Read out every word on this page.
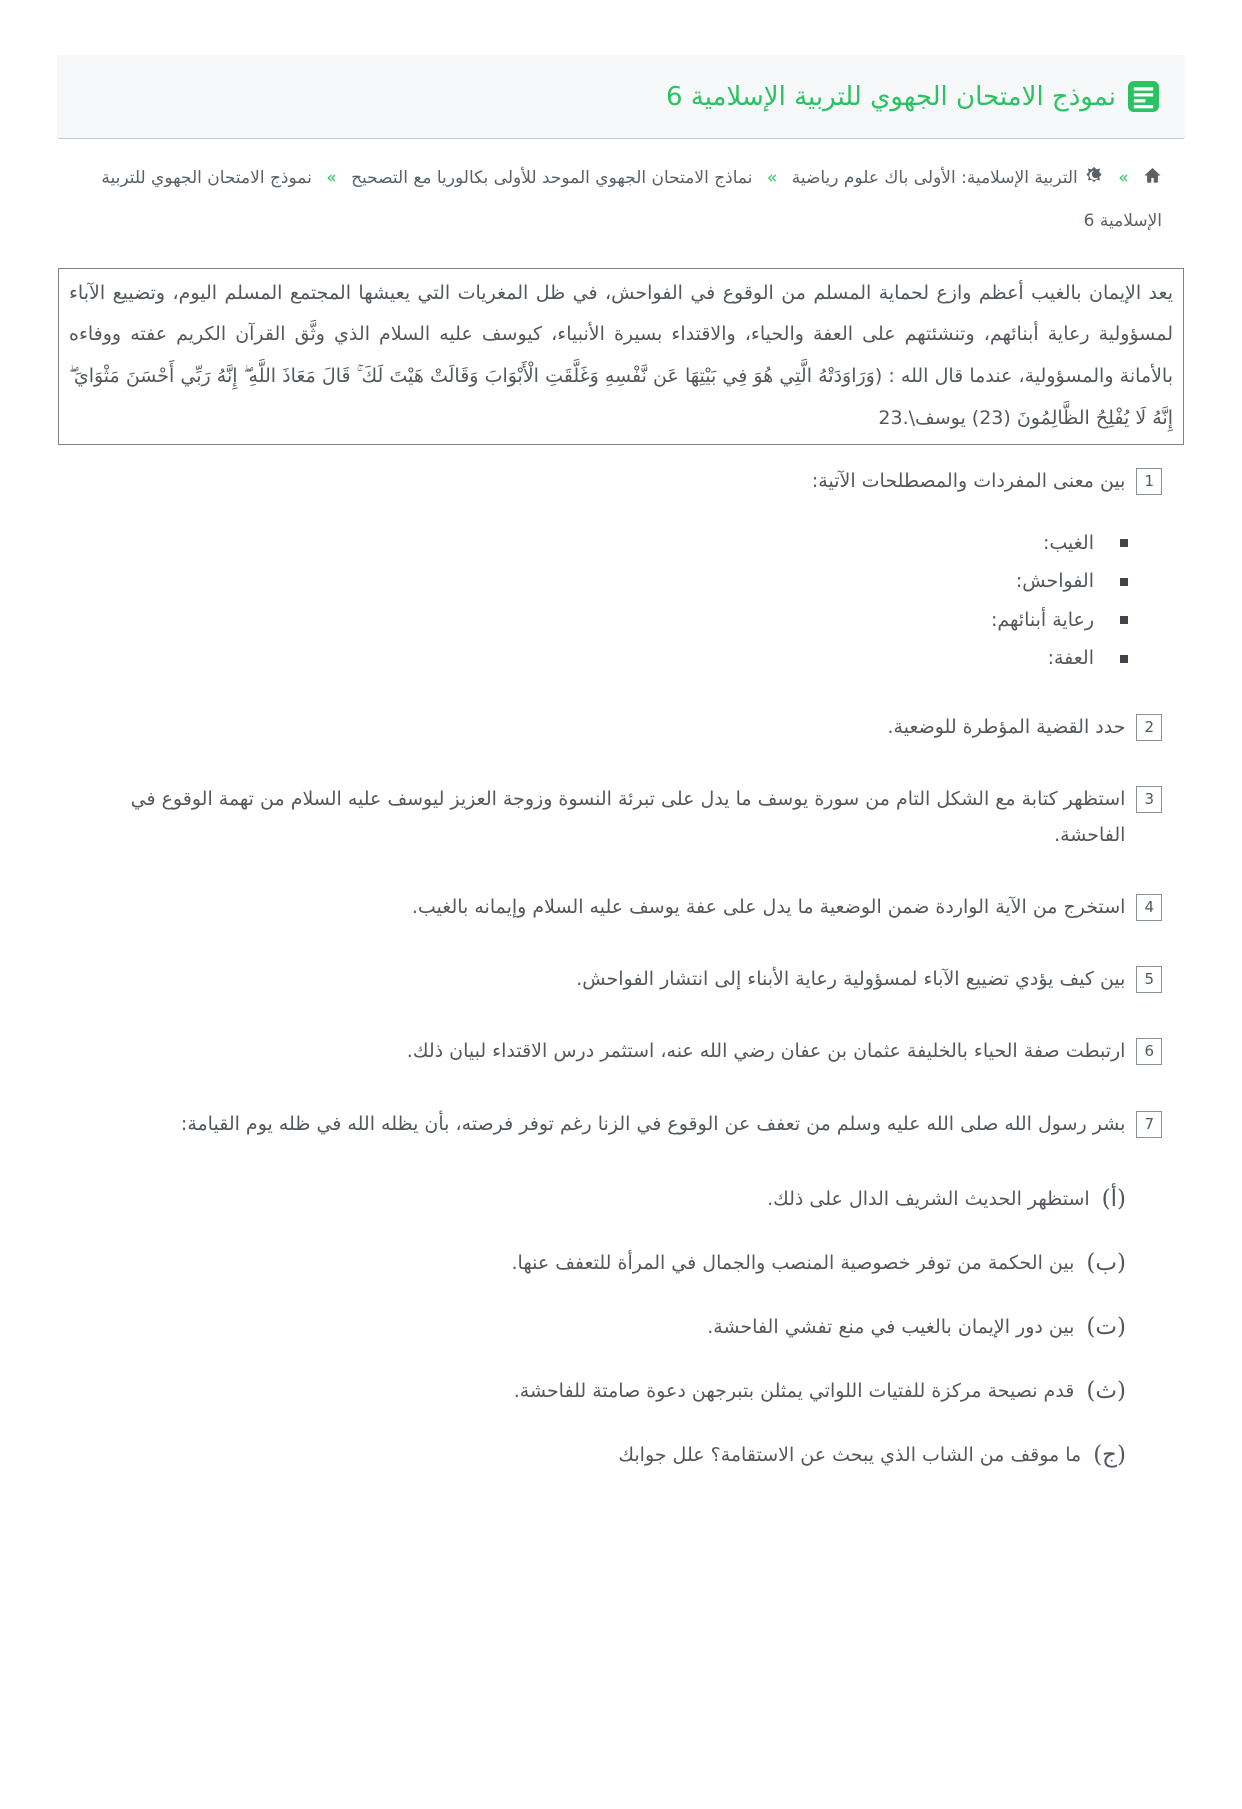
نموذج الامتحان الجهوي للتربية الإسلامية 6
« التربية الإسلامية: الأولى باك علوم رياضية « نماذج الامتحان الجهوي الموحد للأولى بكالوريا مع التصحيح « نموذج الامتحان الجهوي للتربية الإسلامية 6
يعد الإيمان بالغيب أعظم وازع لحماية المسلم من الوقوع في الفواحش، في ظل المغريات التي يعيشها المجتمع المسلم اليوم، وتضييع الآباء لمسؤولية رعاية أبنائهم، وتنشئتهم على العفة والحياء، والاقتداء بسيرة الأنبياء، كيوسف عليه السلام الذي وثَّق القرآن الكريم عفته ووفاءه بالأمانة والمسؤولية، عندما قال الله : (وَرَاوَدَتْهُ الَّتِي هُوَ فِي بَيْتِهَا عَن نَّفْسِهِ وَغَلَّقَتِ الْأَبْوَابَ وَقَالَتْ هَيْتَ لَكَ ۚ قَالَ مَعَاذَ اللَّهِ ۖ إِنَّهُ رَبِّي أَحْسَنَ مَثْوَايَ ۖ إِنَّهُ لَا يُفْلِحُ الظَّالِمُونَ (23) يوسف\.23
1
بين معنى المفردات والمصطلحات الآتية:
الغيب:
الفواحش:
رعاية أبنائهم:
العفة:
2
حدد القضية المؤطرة للوضعية.
3
استظهر كتابة مع الشكل التام من سورة يوسف ما يدل على تبرئة النسوة وزوجة العزيز ليوسف عليه السلام من تهمة الوقوع في الفاحشة.
4
استخرج من الآية الواردة ضمن الوضعية ما يدل على عفة يوسف عليه السلام وإيمانه بالغيب.
5
بين كيف يؤدي تضييع الآباء لمسؤولية رعاية الأبناء إلى انتشار الفواحش.
6
ارتبطت صفة الحياء بالخليفة عثمان بن عفان رضي الله عنه، استثمر درس الاقتداء لبيان ذلك.
7
بشر رسول الله صلى الله عليه وسلم من تعفف عن الوقوع في الزنا رغم توفر فرصته، بأن يظله الله في ظله يوم القيامة:
(أ)
استظهر الحديث الشريف الدال على ذلك.
(ب)
بين الحكمة من توفر خصوصية المنصب والجمال في المرأة للتعفف عنها.
(ت)
بين دور الإيمان بالغيب في منع تفشي الفاحشة.
(ث)
قدم نصيحة مركزة للفتيات اللواتي يمثلن بتبرجهن دعوة صامتة للفاحشة.
(ج)
ما موقف من الشاب الذي يبحث عن الاستقامة؟ علل جوابك
